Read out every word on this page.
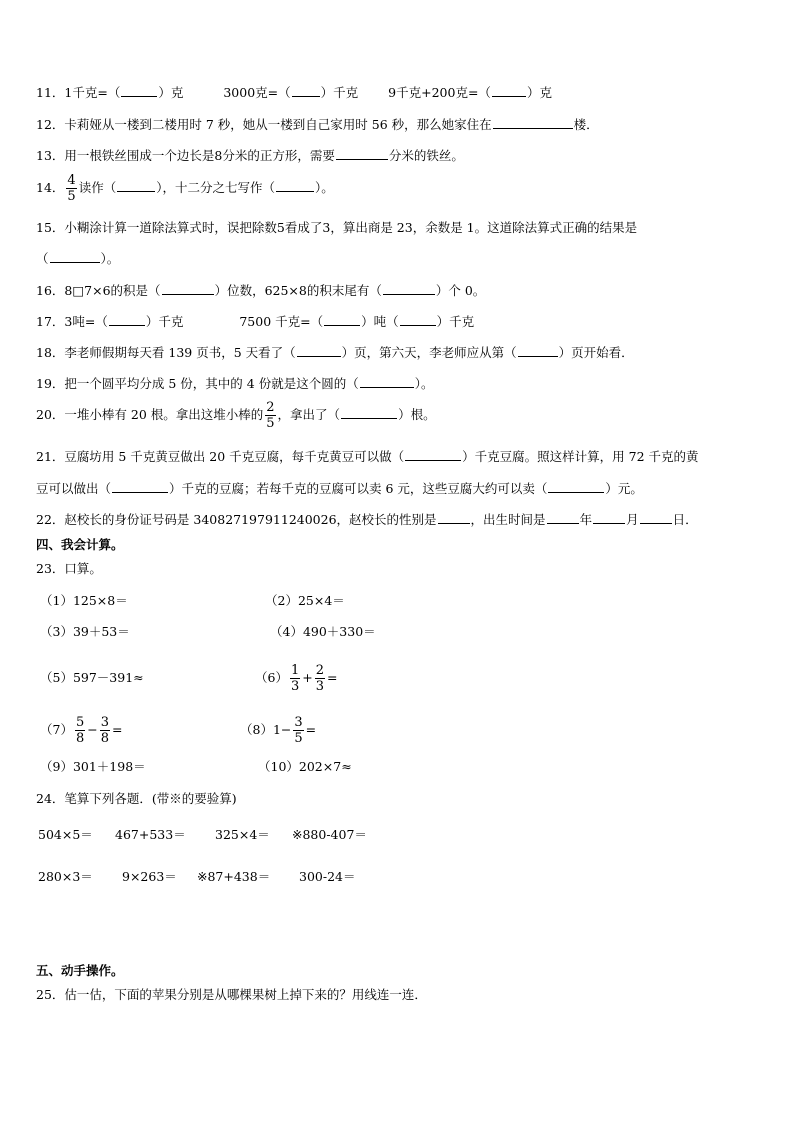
11．1千克=（	）克	3000克=（ ）千克 9千克+200克=（	）克
12．卡莉娅从一楼到二楼用时 7 秒，她从一楼到自己家用时 56 秒，那么她家住在	楼．
13．用一根铁丝围成一个边长是8分米的正方形，需要	分米的铁丝。
14． $\frac{4}{5}$ 读作（	），十二分之七写作（	）。
15．小糊涂计算一道除法算式时，误把除数5看成了3，算出商是 23，余数是 1。这道除法算式正确的结果是
（	）。
16．8□7×6的积是（	）位数，625×8的积末尾有（	）个 0。
17．3吨=（	）千克	7500 千克=（	）吨（	）千克
18．李老师假期每天看 139 页书，5 天看了（	）页，第六天，李老师应从第（	）页开始看．
19．把一个圆平均分成 5 份，其中的 4 份就是这个圆的（	）。
20．一堆小棒有 20 根。拿出这堆小棒的 $\frac{2}{5}$ ，拿出了（	）根。
21．豆腐坊用 5 千克黄豆做出 20 千克豆腐，每千克黄豆可以做（	）千克豆腐。照这样计算，用 72 千克的黄
豆可以做出（	）千克的豆腐；若每千克的豆腐可以卖 6 元，这些豆腐大约可以卖（	）元。
22．赵校长的身份证号码是 340827197911240026，赵校长的性别是	，出生时间是	年	月	日．
四、我会计算。
23．口算。
（1）125×8＝	（2）25×4＝
（3）39＋53＝	（4）490＋330＝
（5）597－391≈	$(6) \frac{1}{3} + \frac{2}{3}$ =
$(7) \frac{5}{8} - \frac{3}{8}$ =	$(8)1- \frac{3}{5}$ =
（9）301＋198＝	（10）202×7≈
24．笔算下列各题．(带※的要验算)
504×5＝ 467+533＝ 325×4＝ ※880-407＝
280×3＝ 9×263＝ ※87+438＝ 300-24＝
五、动手操作。
25．估一估，下面的苹果分别是从哪棵果树上掉下来的？用线连一连．
